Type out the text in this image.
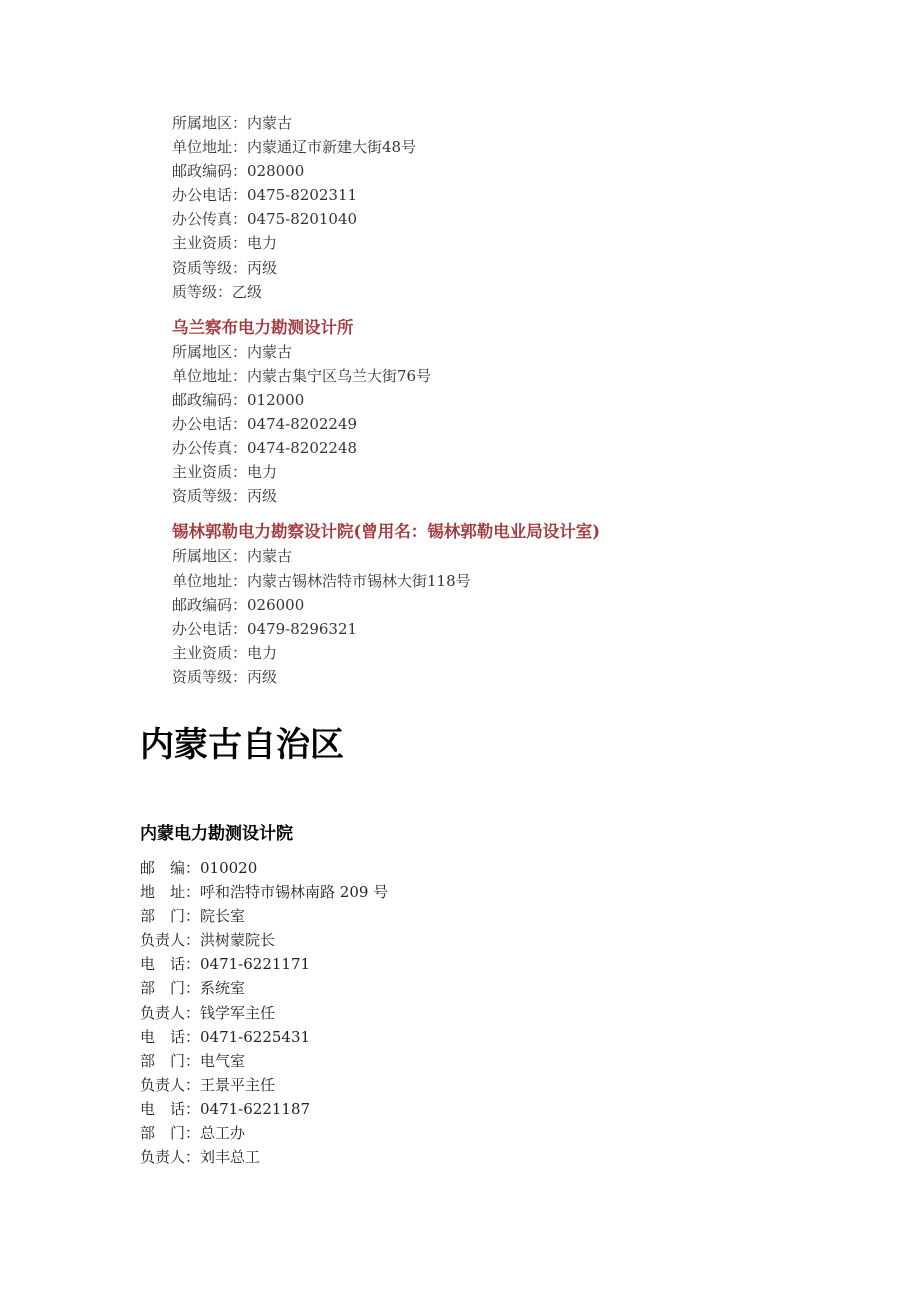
所属地区：内蒙古
单位地址：内蒙通辽市新建大街48号
邮政编码：028000
办公电话：0475-8202311
办公传真：0475-8201040
主业资质：电力
资质等级：丙级
质等级：乙级
乌兰察布电力勘测设计所
所属地区：内蒙古
单位地址：内蒙古集宁区乌兰大街76号
邮政编码：012000
办公电话：0474-8202249
办公传真：0474-8202248
主业资质：电力
资质等级：丙级
锡林郭勒电力勘察设计院(曾用名：锡林郭勒电业局设计室)
所属地区：内蒙古
单位地址：内蒙古锡林浩特市锡林大街118号
邮政编码：026000
办公电话：0479-8296321
主业资质：电力
资质等级：丙级
内蒙古自治区
内蒙电力勘测设计院
邮　编：010020
地　址：呼和浩特市锡林南路 209 号
部　门：院长室
负责人：洪树蒙院长
电　话：0471-6221171
部　门：系统室
负责人：钱学军主任
电　话：0471-6225431
部　门：电气室
负责人：王景平主任
电　话：0471-6221187
部　门：总工办
负责人：刘丰总工
